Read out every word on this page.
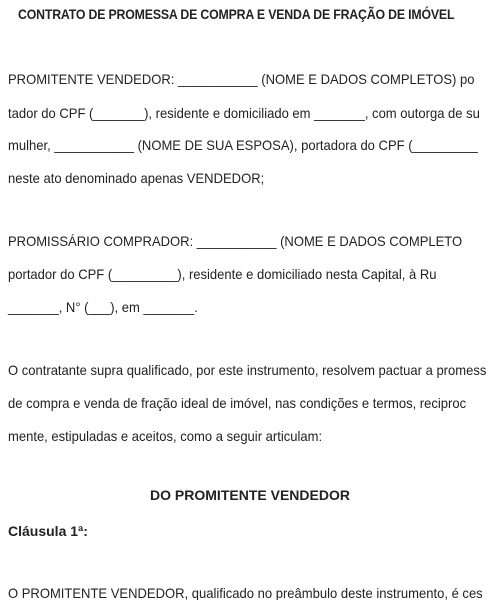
CONTRATO DE PROMESSA DE COMPRA E VENDA DE FRAÇÃO DE IMÓVEL
PROMITENTE VENDEDOR: ___________ (NOME E DADOS COMPLETOS) po
tador do CPF (_______), residente e domiciliado em _______, com outorga de su
mulher, ___________ (NOME DE SUA ESPOSA), portadora do CPF (_________
neste ato denominado apenas VENDEDOR;
PROMISSÁRIO COMPRADOR: ___________ (NOME E DADOS COMPLETO
portador do CPF (_________), residente e domiciliado nesta Capital, à Ru
_______, N° (___), em _______.
O contratante supra qualificado, por este instrumento, resolvem pactuar a promess
de compra e venda de fração ideal de imóvel, nas condições e termos, reciproc
mente, estipuladas e aceitos, como a seguir articulam:
DO PROMITENTE VENDEDOR
Cláusula 1ª:
O PROMITENTE VENDEDOR, qualificado no preâmbulo deste instrumento, é ces
